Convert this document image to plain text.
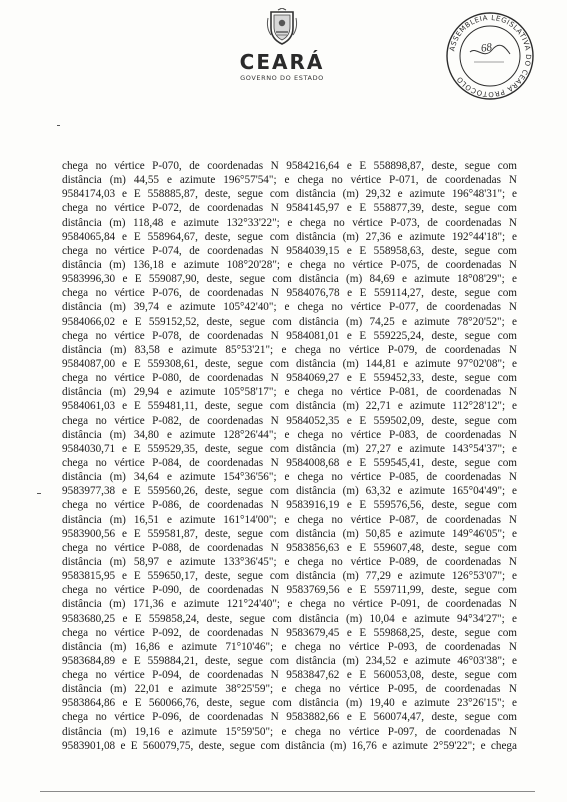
CEARÁ
GOVERNO DO ESTADO
ASSEMBLEIA LEGISLATIVA DO CEARÁ PROTOCOLO
68
chega no vértice P-070, de coordenadas N 9584216,64 e E 558898,87, deste, segue com
distância (m) 44,55 e azimute 196°57'54"; e chega no vértice P-071, de coordenadas N
9584174,03 e E 558885,87, deste, segue com distância (m) 29,32 e azimute 196°48'31"; e
chega no vértice P-072, de coordenadas N 9584145,97 e E 558877,39, deste, segue com
distância (m) 118,48 e azimute 132°33'22"; e chega no vértice P-073, de coordenadas N
9584065,84 e E 558964,67, deste, segue com distância (m) 27,36 e azimute 192°44'18"; e
chega no vértice P-074, de coordenadas N 9584039,15 e E 558958,63, deste, segue com
distância (m) 136,18 e azimute 108°20'28"; e chega no vértice P-075, de coordenadas N
9583996,30 e E 559087,90, deste, segue com distância (m) 84,69 e azimute 18°08'29"; e
chega no vértice P-076, de coordenadas N 9584076,78 e E 559114,27, deste, segue com
distância (m) 39,74 e azimute 105°42'40"; e chega no vértice P-077, de coordenadas N
9584066,02 e E 559152,52, deste, segue com distância (m) 74,25 e azimute 78°20'52"; e
chega no vértice P-078, de coordenadas N 9584081,01 e E 559225,24, deste, segue com
distância (m) 83,58 e azimute 85°53'21"; e chega no vértice P-079, de coordenadas N
9584087,00 e E 559308,61, deste, segue com distância (m) 144,81 e azimute 97°02'08"; e
chega no vértice P-080, de coordenadas N 9584069,27 e E 559452,33, deste, segue com
distância (m) 29,94 e azimute 105°58'17"; e chega no vértice P-081, de coordenadas N
9584061,03 e E 559481,11, deste, segue com distância (m) 22,71 e azimute 112°28'12"; e
chega no vértice P-082, de coordenadas N 9584052,35 e E 559502,09, deste, segue com
distância (m) 34,80 e azimute 128°26'44"; e chega no vértice P-083, de coordenadas N
9584030,71 e E 559529,35, deste, segue com distância (m) 27,27 e azimute 143°54'37"; e
chega no vértice P-084, de coordenadas N 9584008,68 e E 559545,41, deste, segue com
distância (m) 34,64 e azimute 154°36'56"; e chega no vértice P-085, de coordenadas N
9583977,38 e E 559560,26, deste, segue com distância (m) 63,32 e azimute 165°04'49"; e
chega no vértice P-086, de coordenadas N 9583916,19 e E 559576,56, deste, segue com
distância (m) 16,51 e azimute 161°14'00"; e chega no vértice P-087, de coordenadas N
9583900,56 e E 559581,87, deste, segue com distância (m) 50,85 e azimute 149°46'05"; e
chega no vértice P-088, de coordenadas N 9583856,63 e E 559607,48, deste, segue com
distância (m) 58,97 e azimute 133°36'45"; e chega no vértice P-089, de coordenadas N
9583815,95 e E 559650,17, deste, segue com distância (m) 77,29 e azimute 126°53'07"; e
chega no vértice P-090, de coordenadas N 9583769,56 e E 559711,99, deste, segue com
distância (m) 171,36 e azimute 121°24'40"; e chega no vértice P-091, de coordenadas N
9583680,25 e E 559858,24, deste, segue com distância (m) 10,04 e azimute 94°34'27"; e
chega no vértice P-092, de coordenadas N 9583679,45 e E 559868,25, deste, segue com
distância (m) 16,86 e azimute 71°10'46"; e chega no vértice P-093, de coordenadas N
9583684,89 e E 559884,21, deste, segue com distância (m) 234,52 e azimute 46°03'38"; e
chega no vértice P-094, de coordenadas N 9583847,62 e E 560053,08, deste, segue com
distância (m) 22,01 e azimute 38°25'59"; e chega no vértice P-095, de coordenadas N
9583864,86 e E 560066,76, deste, segue com distância (m) 19,40 e azimute 23°26'15"; e
chega no vértice P-096, de coordenadas N 9583882,66 e E 560074,47, deste, segue com
distância (m) 19,16 e azimute 15°59'50"; e chega no vértice P-097, de coordenadas N
9583901,08 e E 560079,75, deste, segue com distância (m) 16,76 e azimute 2°59'22"; e chega
